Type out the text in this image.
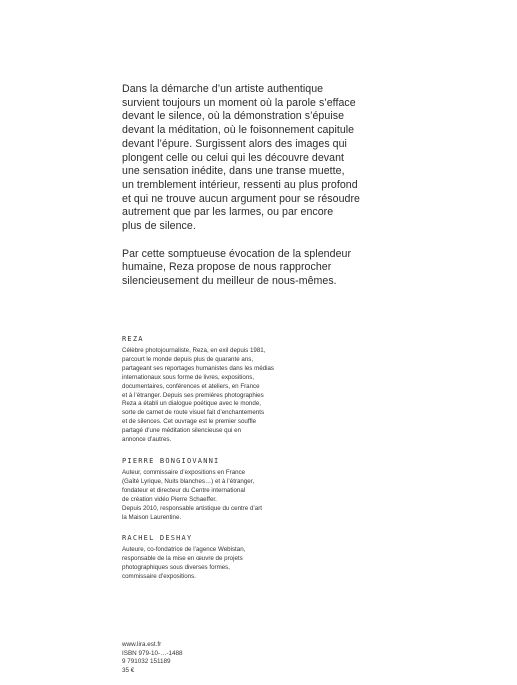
Dans la démarche d’un artiste authentique
survient toujours un moment où la parole s’efface
devant le silence, où la démonstration s’épuise
devant la méditation, où le foisonnement capitule
devant l’épure. Surgissent alors des images qui
plongent celle ou celui qui les découvre devant
une sensation inédite, dans une transe muette,
un tremblement intérieur, ressenti au plus profond
et qui ne trouve aucun argument pour se résoudre
autrement que par les larmes, ou par encore
plus de silence.

Par cette somptueuse évocation de la splendeur
humaine, Reza propose de nous rapprocher
silencieusement du meilleur de nous-mêmes.

REZA
Célèbre photojournaliste, Reza, en exil depuis 1981,
parcourt le monde depuis plus de quarante ans,
partageant ses reportages humanistes dans les médias
internationaux sous forme de livres, expositions,
documentaires, conférences et ateliers, en France
et à l’étranger. Depuis ses premières photographies
Reza a établi un dialogue poétique avec le monde,
sorte de carnet de route visuel fait d’enchantements
et de silences. Cet ouvrage est le premier souffle
partagé d’une méditation silencieuse qui en
annonce d’autres.
PIERRE BONGIOVANNI
Auteur, commissaire d’expositions en France
(Gaîté Lyrique, Nuits blanches…) et à l’étranger,
fondateur et directeur du Centre international
de création vidéo Pierre Schaeffer.
Depuis 2010, responsable artistique du centre d’art
la Maison Laurentine.
RACHEL DESHAY
Auteure, co-fondatrice de l’agence Webistan,
responsable de la mise en œuvre de projets
photographiques sous diverses formes,
commissaire d’expositions.
www.lira.est.fr
ISBN 979-10-…-1488
9 791032 151189
35 €
